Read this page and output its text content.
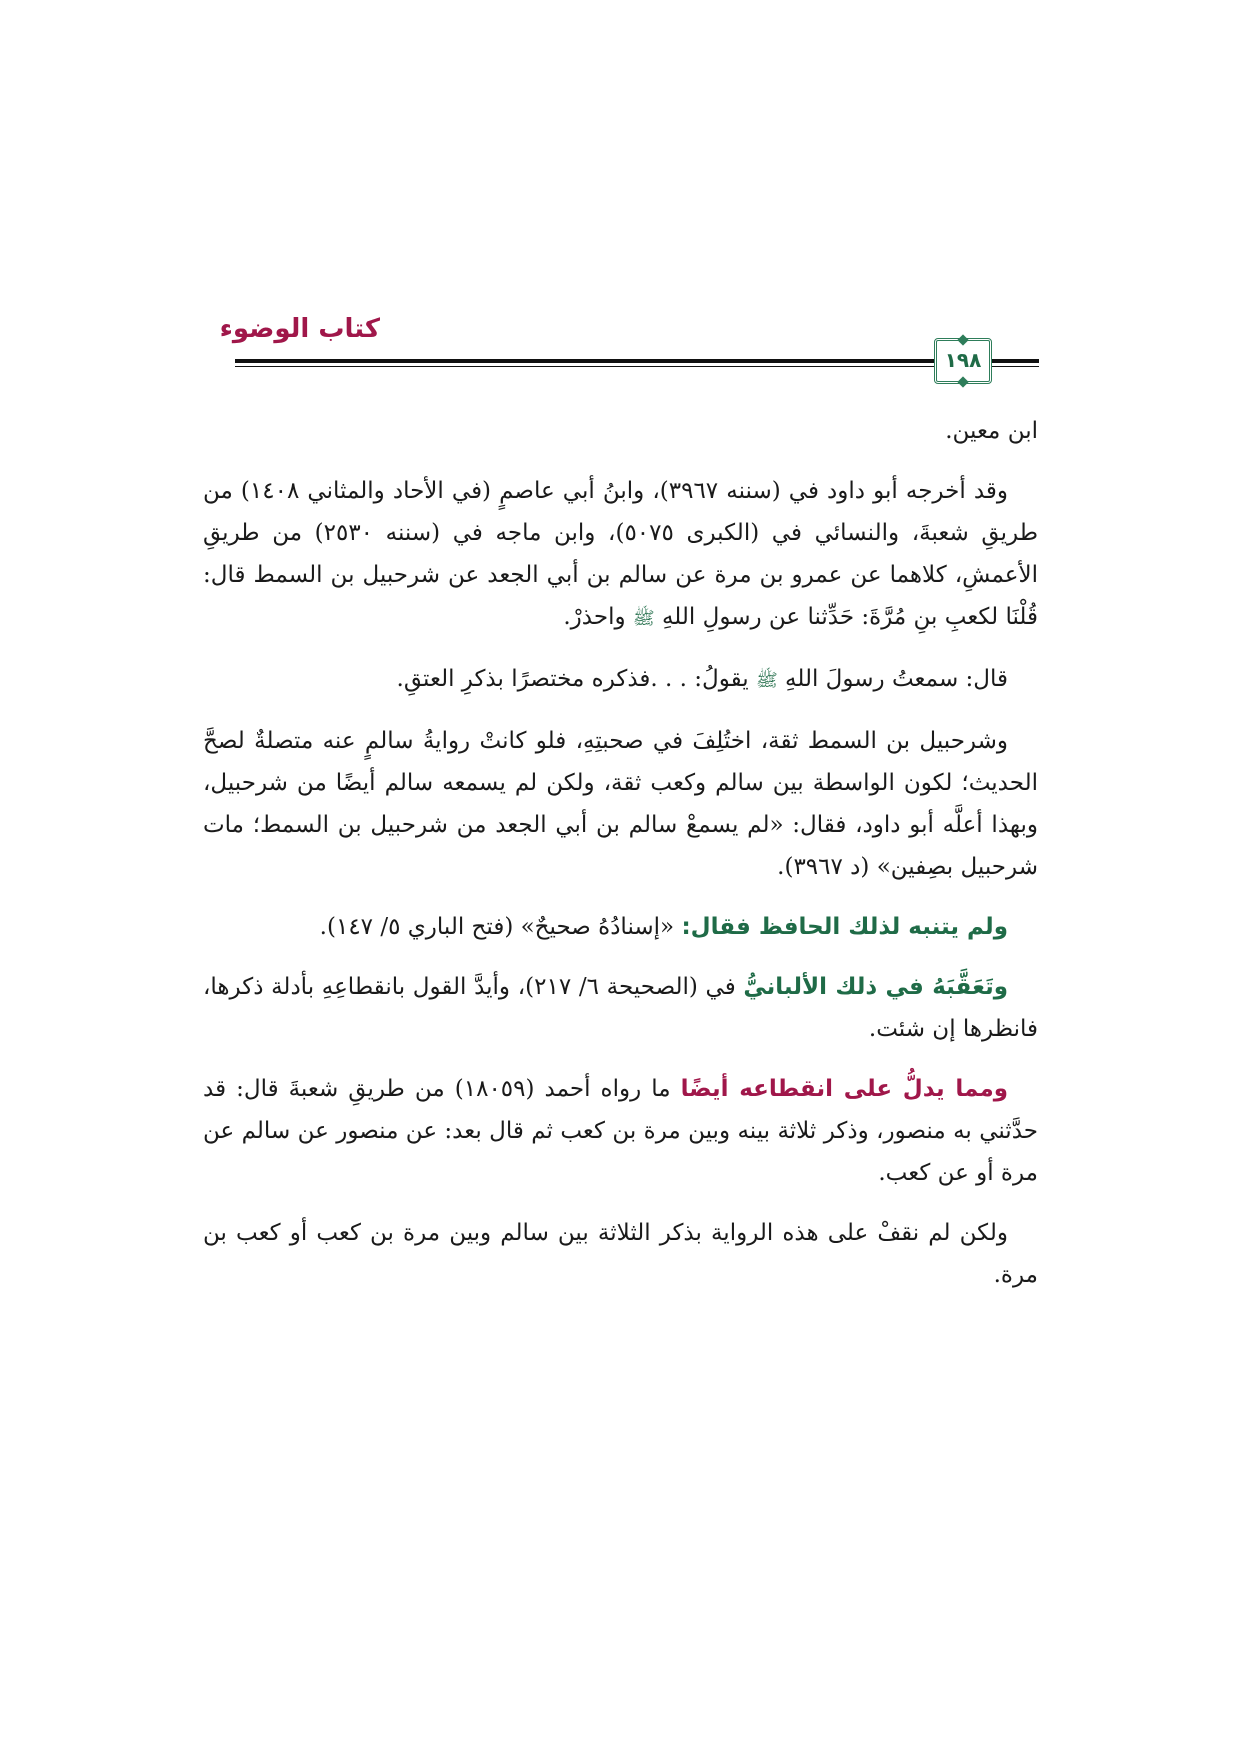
كتاب الوضوء
١٩٨

ابن معين.

وقد أخرجه أبو داود في (سننه ٣٩٦٧)، وابنُ أبي عاصمٍ (في الأحاد والمثاني ١٤٠٨) من طريقِ شعبةَ، والنسائي في (الكبرى ٥٠٧٥)، وابن ماجه في (سننه ٢٥٣٠) من طريقِ الأعمشِ، كلاهما عن عمرو بن مرة عن سالم بن أبي الجعد عن شرحبيل بن السمط قال: قُلْنَا لكعبِ بنِ مُرَّةَ: حَدِّثنا عن رسولِ اللهِ ﷺ واحذرْ.

قال: سمعتُ رسولَ اللهِ ﷺ يقولُ: . . .فذكره مختصرًا بذكرِ العتقِ.

وشرحبيل بن السمط ثقة، اختُلِفَ في صحبتِهِ، فلو كانتْ روايةُ سالمٍ عنه متصلةٌ لصحَّ الحديث؛ لكون الواسطة بين سالم وكعب ثقة، ولكن لم يسمعه سالم أيضًا من شرحبيل، وبهذا أعلَّه أبو داود، فقال: «لم يسمعْ سالم بن أبي الجعد من شرحبيل بن السمط؛ مات شرحبيل بصِفين» (د ٣٩٦٧).

ولم يتنبه لذلك الحافظ فقال: «إسنادُهُ صحيحٌ» (فتح الباري ٥/ ١٤٧).

وتَعَقَّبَهُ في ذلك الألبانيُّ في (الصحيحة ٦/ ٢١٧)، وأيدَّ القول بانقطاعِهِ بأدلة ذكرها، فانظرها إن شئت.

ومما يدلُّ على انقطاعه أيضًا ما رواه أحمد (١٨٠٥٩) من طريقِ شعبةَ قال: قد حدَّثني به منصور، وذكر ثلاثة بينه وبين مرة بن كعب ثم قال بعد: عن منصور عن سالم عن مرة أو عن كعب.

ولكن لم نقفْ على هذه الرواية بذكر الثلاثة بين سالم وبين مرة بن كعب أو كعب بن مرة.
